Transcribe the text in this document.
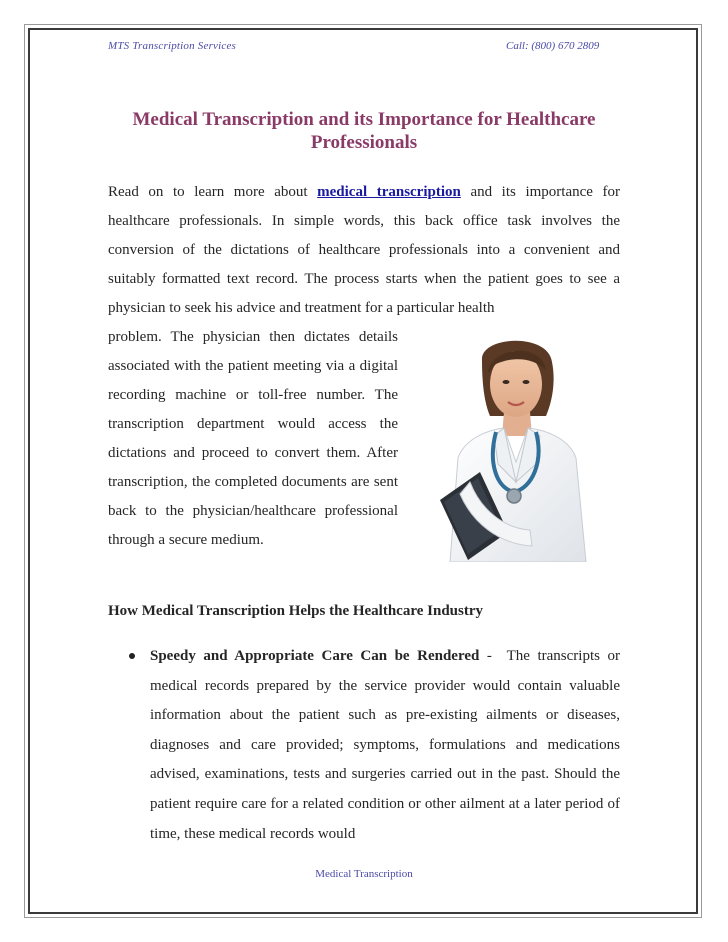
MTS Transcription Services	Call: (800) 670 2809
Medical Transcription and its Importance for Healthcare Professionals
Read on to learn more about medical transcription and its importance for healthcare professionals. In simple words, this back office task involves the conversion of the dictations of healthcare professionals into a convenient and suitably formatted text record. The process starts when the patient goes to see a physician to seek his advice and treatment for a particular health
problem. The physician then dictates details associated with the patient meeting via a digital recording machine or toll-free number. The transcription department would access the dictations and proceed to convert them. After transcription, the completed documents are sent back to the physician/healthcare professional through a secure medium.
How Medical Transcription Helps the Healthcare Industry
Speedy and Appropriate Care Can be Rendered -  The transcripts or medical records prepared by the service provider would contain valuable information about the patient such as pre-existing ailments or diseases, diagnoses and care provided; symptoms, formulations and medications advised, examinations, tests and surgeries carried out in the past. Should the patient require care for a related condition or other ailment at a later period of time, these medical records would
Medical Transcription
